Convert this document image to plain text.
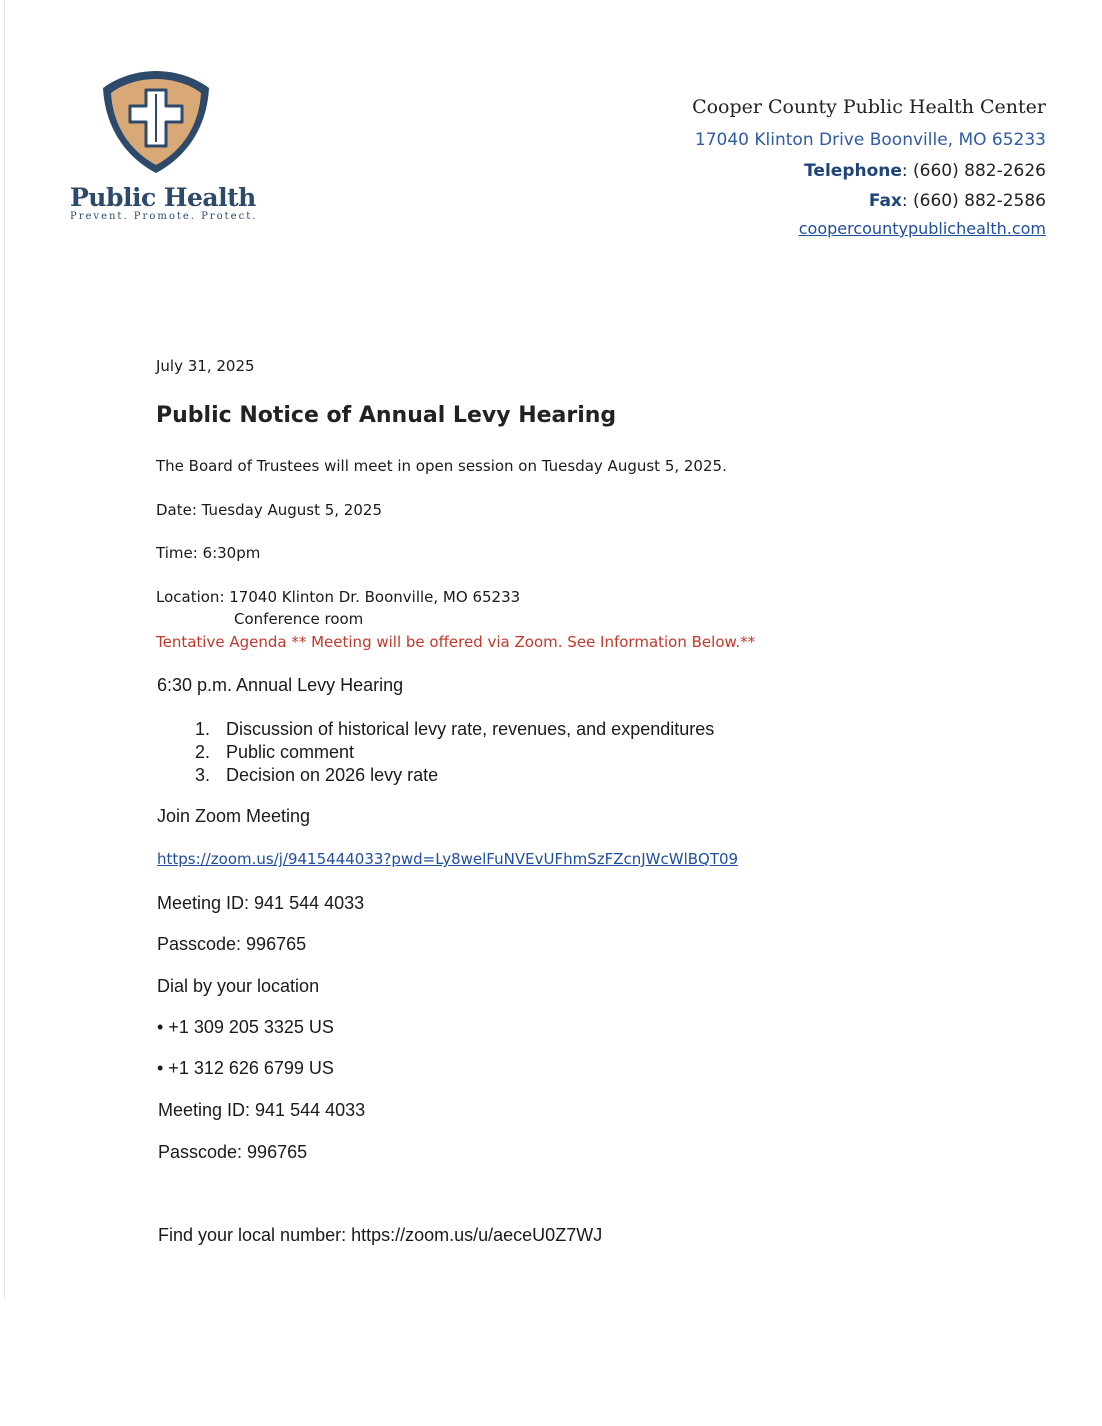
Public Health
Prevent. Promote. Protect.
Cooper County Public Health Center
17040 Klinton Drive Boonville, MO 65233
Telephone: (660) 882-2626
Fax: (660) 882-2586
coopercountypublichealth.com
July 31, 2025
Public Notice of Annual Levy Hearing
The Board of Trustees will meet in open session on Tuesday August 5, 2025.
Date: Tuesday August 5, 2025
Time: 6:30pm
Location: 17040 Klinton Dr. Boonville, MO 65233
Conference room
Tentative Agenda ** Meeting will be offered via Zoom. See Information Below.**
6:30 p.m. Annual Levy Hearing
1. Discussion of historical levy rate, revenues, and expenditures
2. Public comment
3. Decision on 2026 levy rate
Join Zoom Meeting
https://zoom.us/j/9415444033?pwd=Ly8welFuNVEvUFhmSzFZcnJWcWlBQT09
Meeting ID: 941 544 4033
Passcode: 996765
Dial by your location
• +1 309 205 3325 US
• +1 312 626 6799 US
Meeting ID: 941 544 4033
Passcode: 996765
Find your local number: https://zoom.us/u/aeceU0Z7WJ
